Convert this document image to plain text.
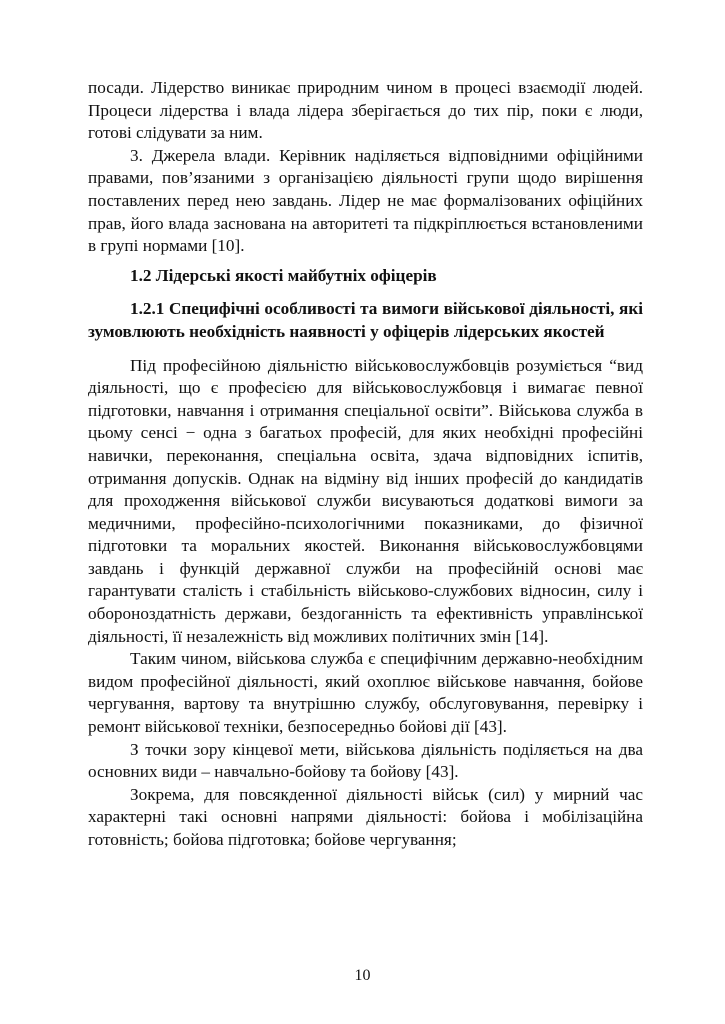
посади. Лідерство виникає природним чином в процесі взаємодії людей. Процеси лідерства і влада лідера зберігається до тих пір, поки є люди, готові слідувати за ним.

3. Джерела влади. Керівник наділяється відповідними офіційними правами, пов’язаними з організацією діяльності групи щодо вирішення поставлених перед нею завдань. Лідер не має формалізованих офіційних прав, його влада заснована на авторитеті та підкріплюється встановленими в групі нормами [10].

1.2 Лідерські якості майбутніх офіцерів
1.2.1 Специфічні особливості та вимоги військової діяльності, які зумовлюють необхідність наявності у офіцерів лідерських якостей

Під професійною діяльністю військовослужбовців розуміється “вид діяльності, що є професією для військовослужбовця і вимагає певної підготовки, навчання і отримання спеціальної освіти”. Військова служба в цьому сенсі − одна з багатьох професій, для яких необхідні професійні навички, переконання, спеціальна освіта, здача відповідних іспитів, отримання допусків. Однак на відміну від інших професій до кандидатів для проходження військової служби висуваються додаткові вимоги за медичними, професійно-психологічними показниками, до фізичної підготовки та моральних якостей. Виконання військовослужбовцями завдань і функцій державної служби на професійній основі має гарантувати сталість і стабільність військово-службових відносин, силу і обороноздатність держави, бездоганність та ефективність управлінської діяльності, її незалежність від можливих політичних змін [14].

Таким чином, військова служба є специфічним державно-необхідним видом професійної діяльності, який охоплює військове навчання, бойове чергування, вартову та внутрішню службу, обслуговування, перевірку і ремонт військової техніки, безпосередньо бойові дії [43].

З точки зору кінцевої мети, військова діяльність поділяється на два основних види – навчально-бойову та бойову [43].

Зокрема, для повсякденної діяльності військ (сил) у мирний час характерні такі основні напрями діяльності: бойова і мобілізаційна готовність; бойова підготовка; бойове чергування;

10
